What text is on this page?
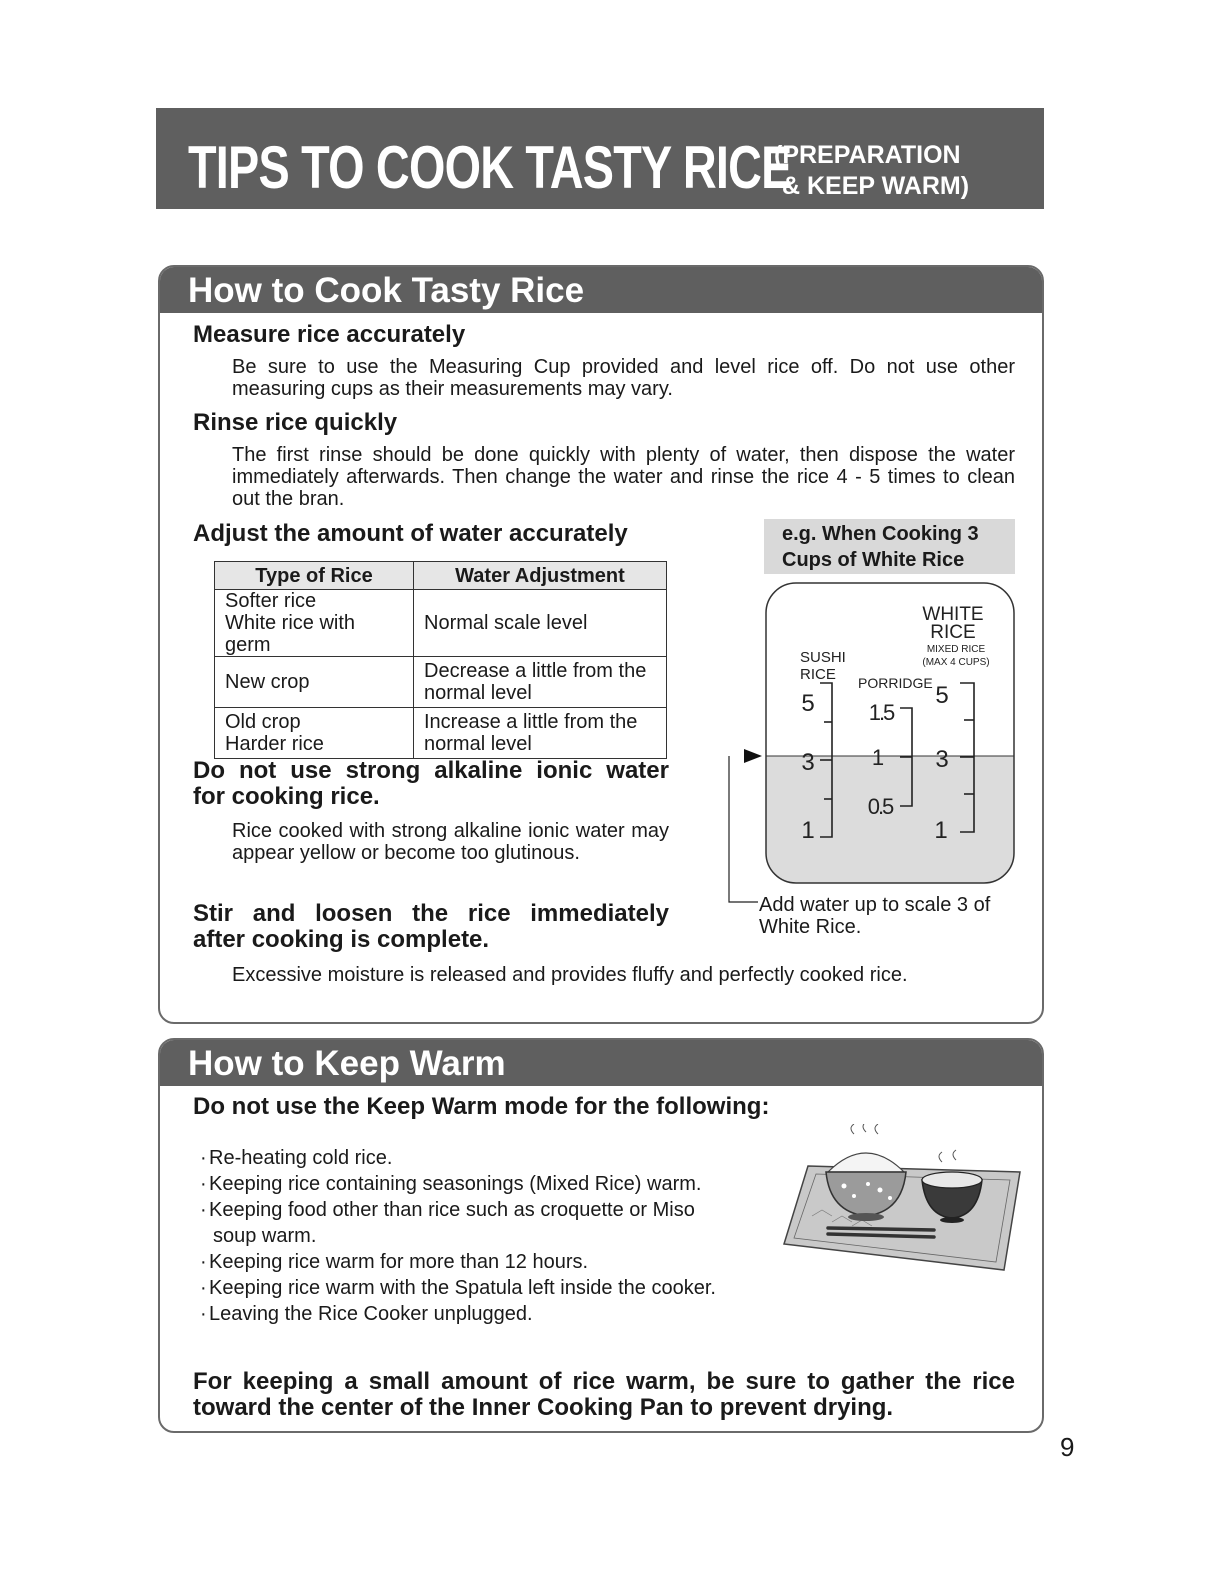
TIPS TO COOK TASTY RICE
(PREPARATION
& KEEP WARM)
How to Cook Tasty Rice
Measure rice accurately

Be sure to use the Measuring Cup provided and level rice off. Do not use other measuring cups as their measurements may vary.

Rinse rice quickly

The first rinse should be done quickly with plenty of water, then dispose the water immediately afterwards. Then change the water and rinse the rice 4 - 5 times to clean out the bran.

Adjust the amount of water accurately
Type of Rice	Water Adjustment

Softer rice
White rice with germ	Normal scale level

New crop	Decrease a little from the normal level

Old crop
Harder rice	Increase a little from the normal level
Do not use strong alkaline ionic water
for cooking rice.

Rice cooked with strong alkaline ionic water may appear yellow or become too glutinous.

Stir and loosen the rice immediately
after cooking is complete.

Excessive moisture is released and provides fluffy and perfectly cooked rice.

e.g. When Cooking 3
Cups of White Rice
WHITE
RICE
MIXED RICE
(MAX 4 CUPS)
SUSHI
RICE PORRIDGE
5
3
1
1.5
1
0.5
5
3
1

Add water up to scale 3 of White Rice.

How to Keep Warm
Do not use the Keep Warm mode for the following:
· Re-heating cold rice.
· Keeping rice containing seasonings (Mixed Rice) warm.
· Keeping food other than rice such as croquette or Miso
soup warm.
· Keeping rice warm for more than 12 hours.
· Keeping rice warm with the Spatula left inside the cooker.
· Leaving the Rice Cooker unplugged.

For keeping a small amount of rice warm, be sure to gather the rice toward the center of the Inner Cooking Pan to prevent drying.

9
